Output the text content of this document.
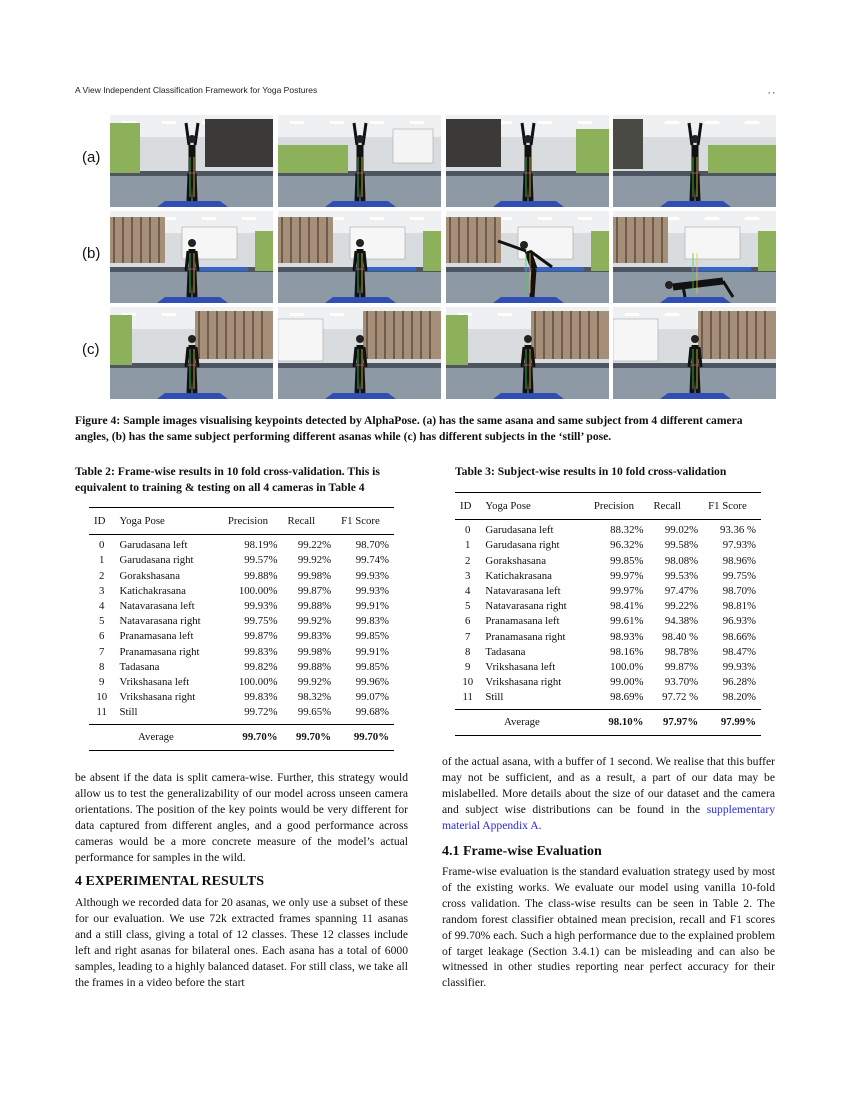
A View Independent Classification Framework for Yoga Postures	, ,
(a)
(b)
(c)
Figure 4: Sample images visualising keypoints detected by AlphaPose. (a) has the same asana and same subject from 4 different camera angles, (b) has the same subject performing different asanas while (c) has different subjects in the ‘still’ pose.
Table 2: Frame-wise results in 10 fold cross-validation. This is equivalent to training & testing on all 4 cameras in Table 4
ID	Yoga Pose	Precision	Recall	F1 Score
0	Garudasana left	98.19%	99.22%	98.70%
1	Garudasana right	99.57%	99.92%	99.74%
2	Gorakshasana	99.88%	99.98%	99.93%
3	Katichakrasana	100.00%	99.87%	99.93%
4	Natavarasana left	99.93%	99.88%	99.91%
5	Natavarasana right	99.75%	99.92%	99.83%
6	Pranamasana left	99.87%	99.83%	99.85%
7	Pranamasana right	99.83%	99.98%	99.91%
8	Tadasana	99.82%	99.88%	99.85%
9	Vrikshasana left	100.00%	99.92%	99.96%
10	Vrikshasana right	99.83%	98.32%	99.07%
11	Still	99.72%	99.65%	99.68%
Average		99.70%	99.70%	99.70%
Table 3: Subject-wise results in 10 fold cross-validation
ID	Yoga Pose	Precision	Recall	F1 Score
0	Garudasana left	88.32%	99.02%	93.36 %
1	Garudasana right	96.32%	99.58%	97.93%
2	Gorakshasana	99.85%	98.08%	98.96%
3	Katichakrasana	99.97%	99.53%	99.75%
4	Natavarasana left	99.97%	97.47%	98.70%
5	Natavarasana right	98.41%	99.22%	98.81%
6	Pranamasana left	99.61%	94.38%	96.93%
7	Pranamasana right	98.93%	98.40 %	98.66%
8	Tadasana	98.16%	98.78%	98.47%
9	Vrikshasana left	100.0%	99.87%	99.93%
10	Vrikshasana right	99.00%	93.70%	96.28%
11	Still	98.69%	97.72 %	98.20%
Average		98.10%	97.97%	97.99%

be absent if the data is split camera-wise. Further, this strategy would allow us to test the generalizability of our model across unseen camera orientations. The position of the key points would be very different for data captured from different angles, and a good performance across cameras would be a more concrete measure of the model’s actual performance for samples in the wild.

4 EXPERIMENTAL RESULTS

Although we recorded data for 20 asanas, we only use a subset of these for our evaluation. We use 72k extracted frames spanning 11 asanas and a still class, giving a total of 12 classes. These 12 classes include left and right asanas for bilateral ones. Each asana has a total of 6000 samples, leading to a highly balanced dataset. For still class, we take all the frames in a video before the start

of the actual asana, with a buffer of 1 second. We realise that this buffer may not be sufficient, and as a result, a part of our data may be mislabelled. More details about the size of our dataset and the camera and subject wise distributions can be found in the supplementary material Appendix A.

4.1 Frame-wise Evaluation

Frame-wise evaluation is the standard evaluation strategy used by most of the existing works. We evaluate our model using vanilla 10-fold cross validation. The class-wise results can be seen in Table 2. The random forest classifier obtained mean precision, recall and F1 scores of 99.70% each. Such a high performance due to the explained problem of target leakage (Section 3.4.1) can be misleading and can also be witnessed in other studies reporting near perfect accuracy for their classifier.
